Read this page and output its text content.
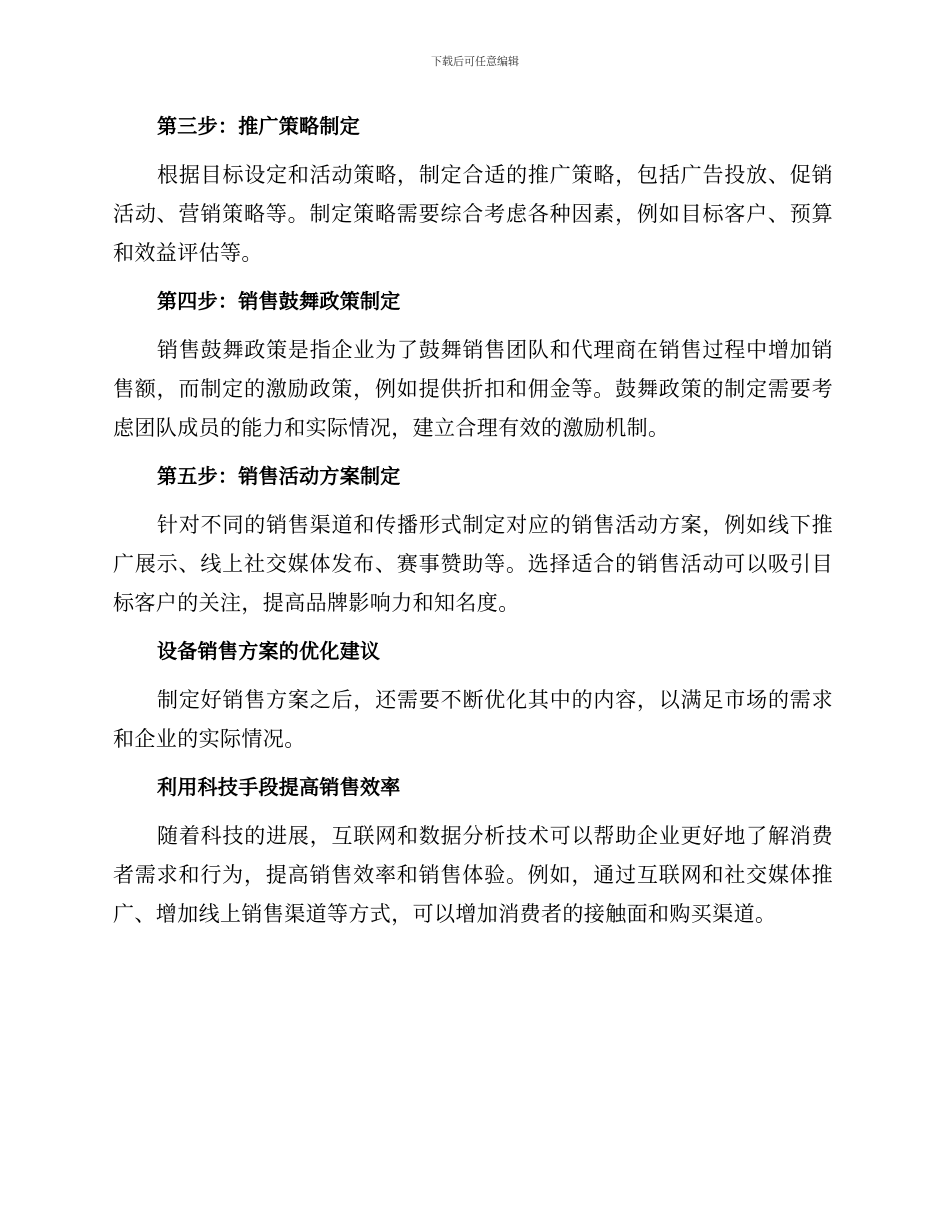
下载后可任意编辑
第三步：推广策略制定

根据目标设定和活动策略，制定合适的推广策略，包括广告投放、促销活动、营销策略等。制定策略需要综合考虑各种因素，例如目标客户、预算和效益评估等。

第四步：销售鼓舞政策制定

销售鼓舞政策是指企业为了鼓舞销售团队和代理商在销售过程中增加销售额，而制定的激励政策，例如提供折扣和佣金等。鼓舞政策的制定需要考虑团队成员的能力和实际情况，建立合理有效的激励机制。

第五步：销售活动方案制定

针对不同的销售渠道和传播形式制定对应的销售活动方案，例如线下推广展示、线上社交媒体发布、赛事赞助等。选择适合的销售活动可以吸引目标客户的关注，提高品牌影响力和知名度。

设备销售方案的优化建议

制定好销售方案之后，还需要不断优化其中的内容，以满足市场的需求和企业的实际情况。

利用科技手段提高销售效率

随着科技的进展，互联网和数据分析技术可以帮助企业更好地了解消费者需求和行为，提高销售效率和销售体验。例如，通过互联网和社交媒体推广、增加线上销售渠道等方式，可以增加消费者的接触面和购买渠道。
